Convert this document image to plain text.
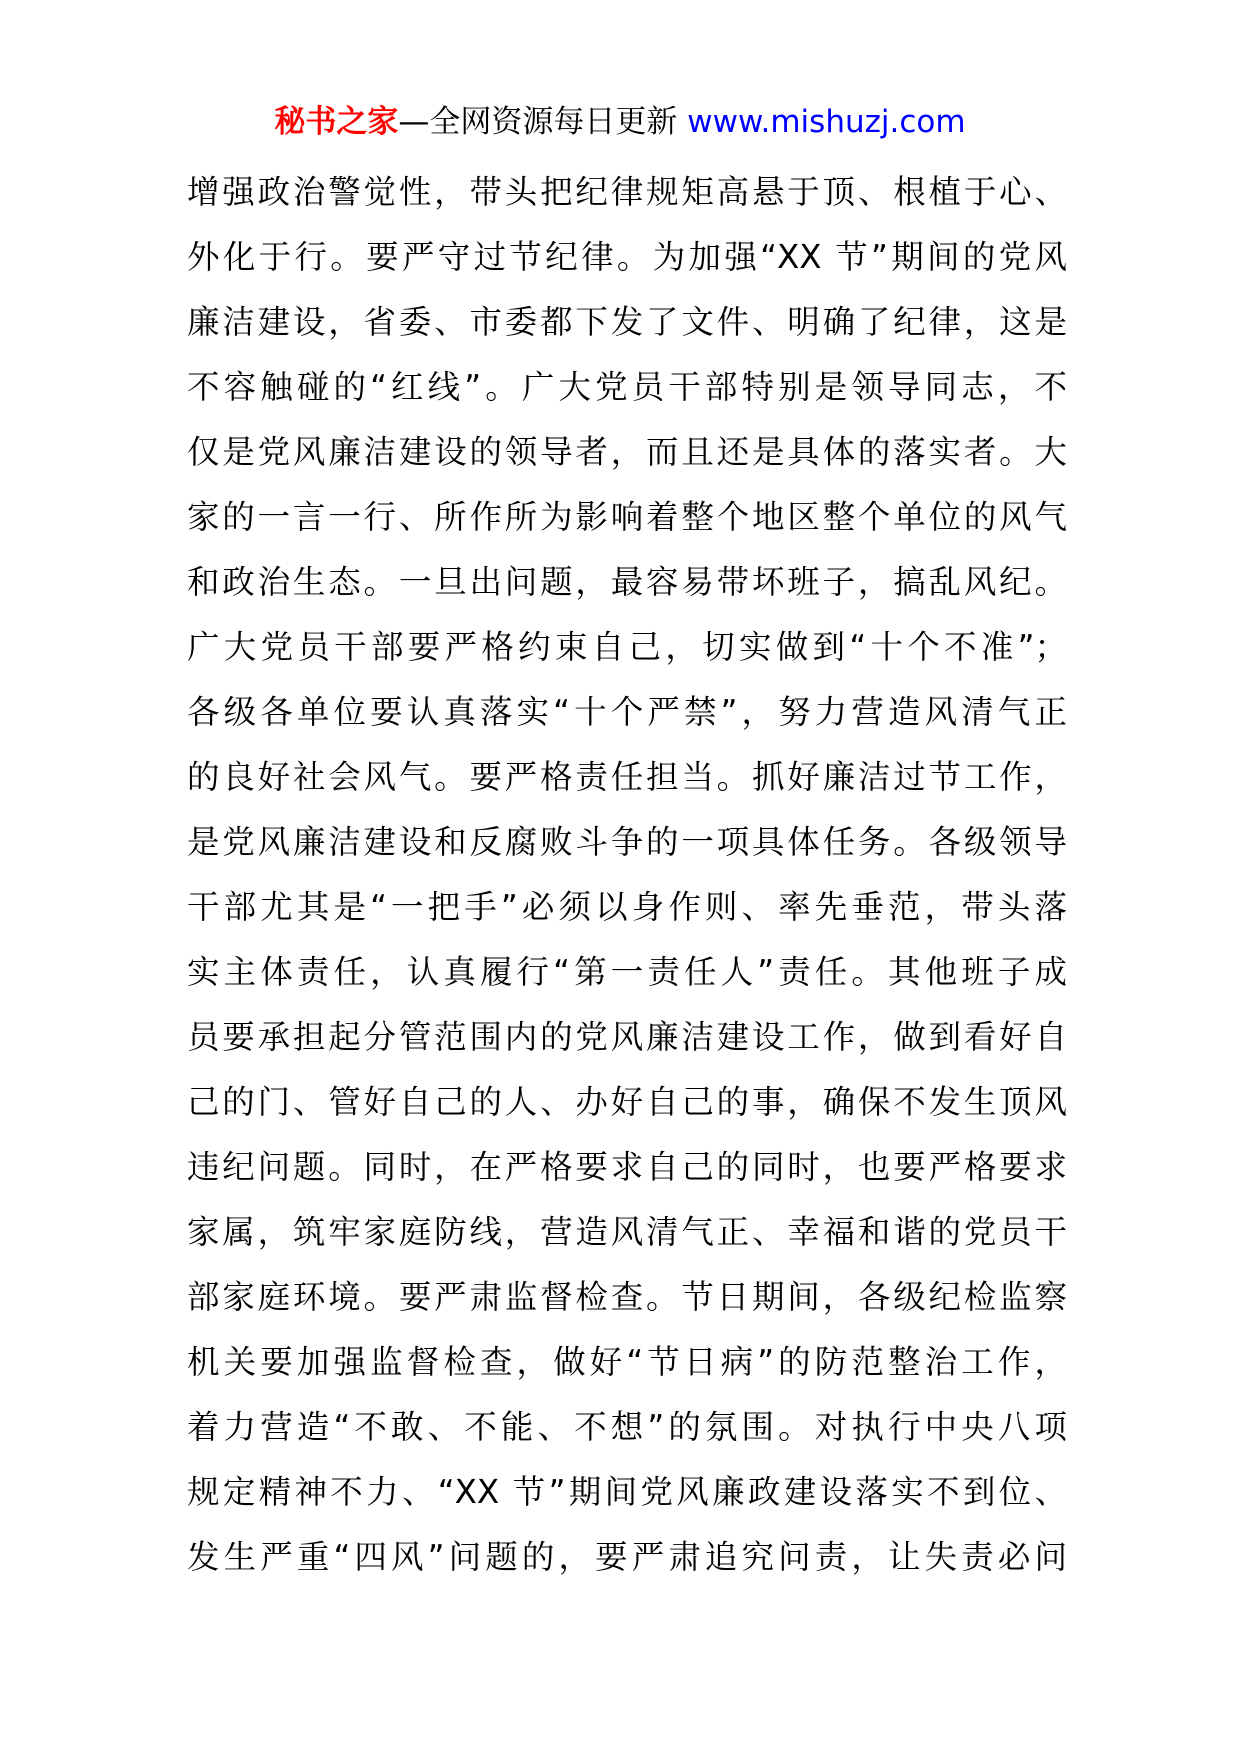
秘书之家—全网资源每日更新 www.mishuzj.com
增强政治警觉性，带头把纪律规矩高悬于顶、根植于心、
外化于行。要严守过节纪律。为加强“XX 节”期间的党风
廉洁建设，省委、市委都下发了文件、明确了纪律，这是
不容触碰的“红线”。广大党员干部特别是领导同志，不
仅是党风廉洁建设的领导者，而且还是具体的落实者。大
家的一言一行、所作所为影响着整个地区整个单位的风气
和政治生态。一旦出问题，最容易带坏班子，搞乱风纪。
广大党员干部要严格约束自己，切实做到“十个不准”；
各级各单位要认真落实“十个严禁”，努力营造风清气正
的良好社会风气。要严格责任担当。抓好廉洁过节工作，
是党风廉洁建设和反腐败斗争的一项具体任务。各级领导
干部尤其是“一把手”必须以身作则、率先垂范，带头落
实主体责任，认真履行“第一责任人”责任。其他班子成
员要承担起分管范围内的党风廉洁建设工作，做到看好自
己的门、管好自己的人、办好自己的事，确保不发生顶风
违纪问题。同时，在严格要求自己的同时，也要严格要求
家属，筑牢家庭防线，营造风清气正、幸福和谐的党员干
部家庭环境。要严肃监督检查。节日期间，各级纪检监察
机关要加强监督检查，做好“节日病”的防范整治工作，
着力营造“不敢、不能、不想”的氛围。对执行中央八项
规定精神不力、“XX 节”期间党风廉政建设落实不到位、
发生严重“四风”问题的，要严肃追究问责，让失责必问
